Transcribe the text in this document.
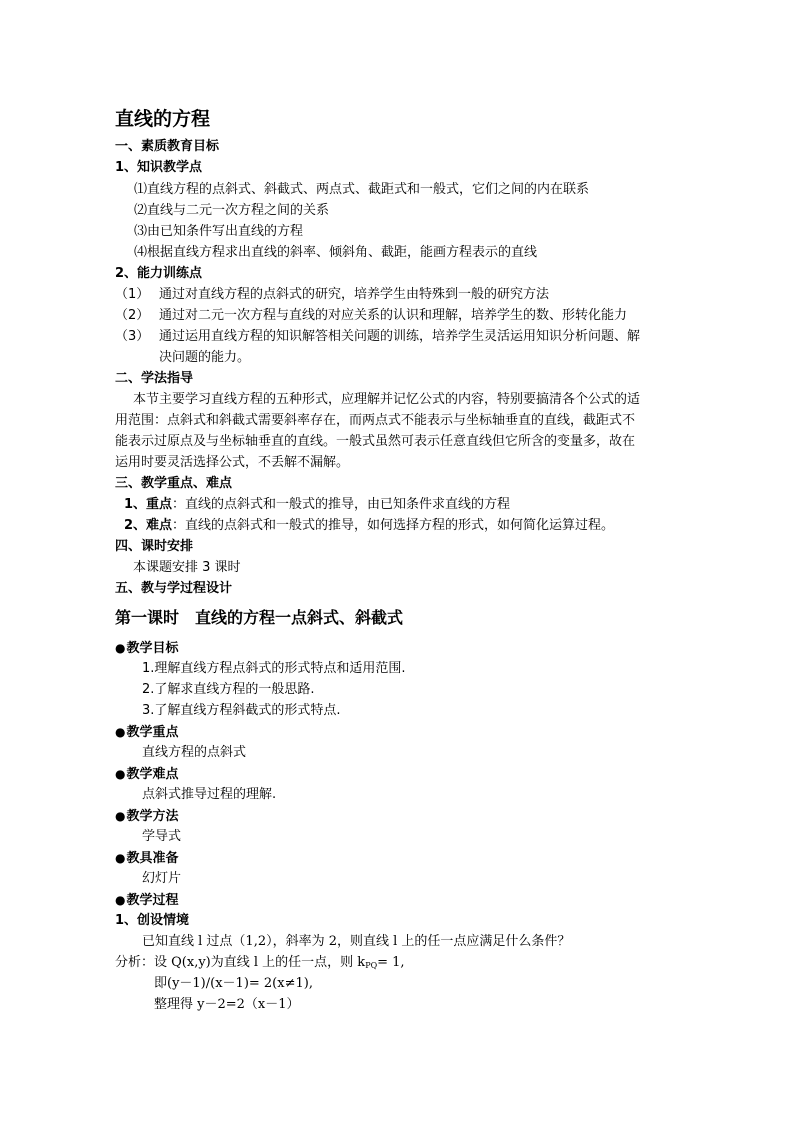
直线的方程
一、素质教育目标
1、知识教学点
⑴直线方程的点斜式、斜截式、两点式、截距式和一般式，它们之间的内在联系
⑵直线与二元一次方程之间的关系
⑶由已知条件写出直线的方程
⑷根据直线方程求出直线的斜率、倾斜角、截距，能画方程表示的直线
2、能力训练点
（1） 通过对直线方程的点斜式的研究，培养学生由特殊到一般的研究方法
（2） 通过对二元一次方程与直线的对应关系的认识和理解，培养学生的数、形转化能力
（3） 通过运用直线方程的知识解答相关问题的训练，培养学生灵活运用知识分析问题、解
决问题的能力。
二、学法指导
本节主要学习直线方程的五种形式，应理解并记忆公式的内容，特别要搞清各个公式的适
用范围：点斜式和斜截式需要斜率存在，而两点式不能表示与坐标轴垂直的直线，截距式不
能表示过原点及与坐标轴垂直的直线。一般式虽然可表示任意直线但它所含的变量多，故在
运用时要灵活选择公式，不丢解不漏解。
三、教学重点、难点
1、重点：直线的点斜式和一般式的推导，由已知条件求直线的方程
2、难点：直线的点斜式和一般式的推导，如何选择方程的形式，如何简化运算过程。
四、课时安排
本课题安排 3 课时
五、教与学过程设计
第一课时　直线的方程一点斜式、斜截式
● 教学目标
1.理解直线方程点斜式的形式特点和适用范围.
2.了解求直线方程的一般思路.
3.了解直线方程斜截式的形式特点.
● 教学重点
直线方程的点斜式
● 教学难点
点斜式推导过程的理解.
● 教学方法
学导式
● 教具准备
幻灯片
● 教学过程
1、创设情境
已知直线 l 过点（1,2），斜率为 2，则直线 l 上的任一点应满足什么条件？
分析：设 Q(x,y)为直线 l 上的任一点，则 $k_{PQ}= 1$,
即(y－1)/(x－1)= 2(x≠1),
整理得 y－2=2（x－1）
